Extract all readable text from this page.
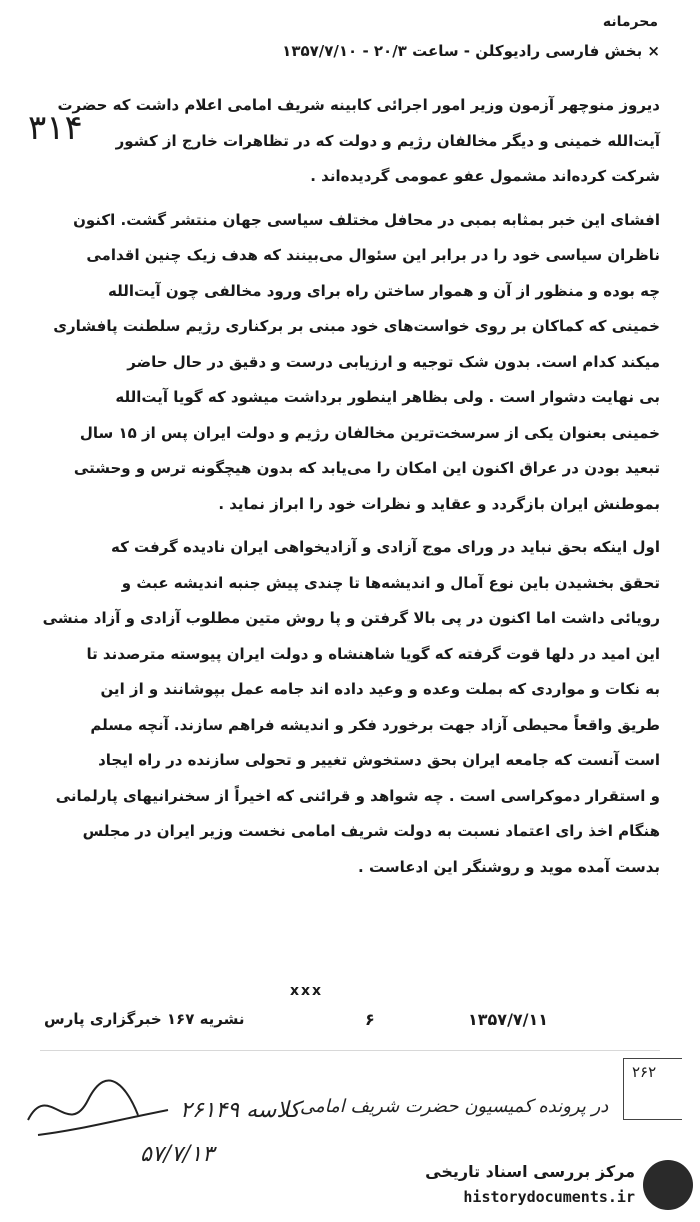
محرمانه
× بخش فارسی رادیوکلن - ساعت ۲۰/۳ - ۱۳۵۷/۷/۱۰
۳۱۴
دیروز منوچهر آزمون وزیر امور اجرائی کابینه شریف امامی اعلام داشت که حضرت
آیت‌الله خمینی و دیگر مخالفان رژیم و دولت که در تظاهرات خارج از کشور
شرکت کرده‌اند مشمول عفو عمومی گردیده‌اند .
افشای این خبر بمثابه بمبی در محافل مختلف سیاسی جهان منتشر گشت. اکنون
ناظران سیاسی خود را در برابر این سئوال می‌بینند که هدف زیک چنین اقدامی
چه بوده و منظور از آن و هموار ساختن راه برای ورود مخالفی چون آیت‌الله
خمینی که کماکان بر روی خواست‌های خود مبنی بر برکناری رژیم سلطنت پافشاری
میکند کدام است. بدون شک توجیه و ارزیابی درست و دقیق در حال حاضر
بی نهایت دشوار است . ولی بظاهر اینطور برداشت میشود که گویا آیت‌الله
خمینی بعنوان یکی از سرسخت‌ترین مخالفان رژیم و دولت ایران پس از ۱۵ سال
تبعید بودن در عراق اکنون این امکان را می‌یابد که بدون هیچگونه ترس و وحشتی
بموطنش ایران بازگردد و عقاید و نظرات خود را ابراز نماید .
اول اینکه بحق نباید در ورای موج آزادی و آزادیخواهی ایران نادیده گرفت که
تحقق بخشیدن باین نوع آمال و اندیشه‌ها تا چندی پیش جنبه اندیشه عبث و
رویائی داشت اما اکنون در پی بالا گرفتن و پا روش متین مطلوب آزادی و آزاد منشی
این امید در دلها قوت گرفته که گویا شاهنشاه و دولت ایران پیوسته مترصدند تا
به نکات و مواردی که بملت وعده و وعید داده اند جامه عمل بپوشانند و از این
طریق واقعاً محیطی آزاد جهت برخورد فکر و اندیشه فراهم سازند. آنچه مسلم
است آنست که جامعه ایران بحق دستخوش تغییر و تحولی سازنده در راه ایجاد
و استقرار دموکراسی است . چه شواهد و قرائنی که اخیراً از سخنرانیهای پارلمانی
هنگام اخذ رای اعتماد نسبت به دولت شریف امامی نخست وزیر ایران در مجلس
بدست آمده موید و روشنگر این ادعاست .
xxx
نشریه ۱۶۷ خبرگزاری پارس	۶	۱۳۵۷/۷/۱۱
۲۶۲
در پرونده کمیسیون حضرت شریف امامی
کلاسه ۲۶۱۴۹
۵۷/۷/۱۳
مرکز بررسی اسناد تاریخی
historydocuments.ir
